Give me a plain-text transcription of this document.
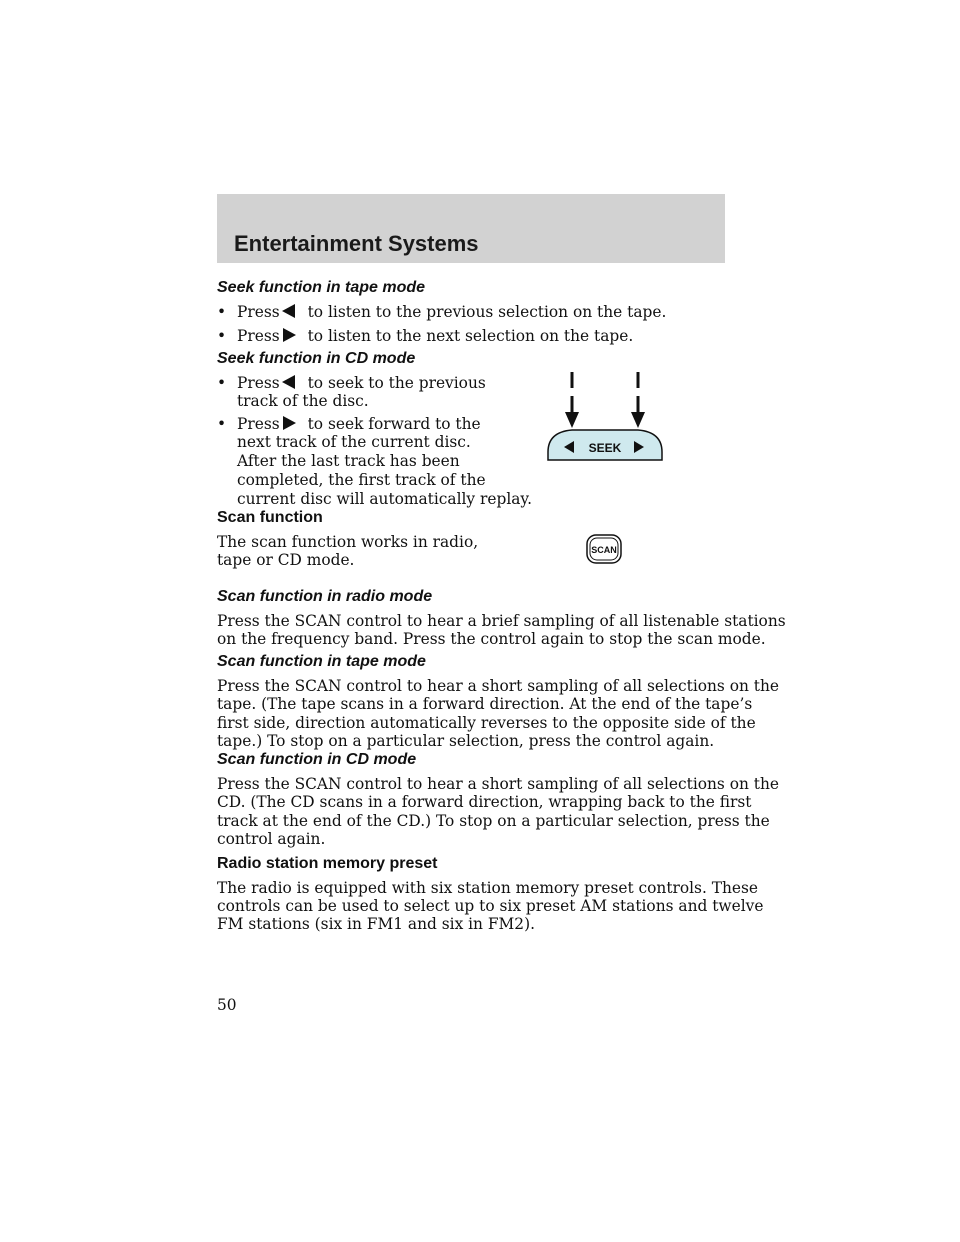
Entertainment Systems

Seek function in tape mode

• Press to listen to the previous selection on the tape.
• Press to listen to the next selection on the tape.

Seek function in CD mode

• Press to seek to the previous
track of the disc.
• Press to seek forward to the
next track of the current disc.
After the last track has been
completed, the first track of the
current disc will automatically replay.
SEEK

Scan function

The scan function works in radio,
tape or CD mode.
SCAN

Scan function in radio mode

Press the SCAN control to hear a brief sampling of all listenable stations
on the frequency band. Press the control again to stop the scan mode.

Scan function in tape mode

Press the SCAN control to hear a short sampling of all selections on the
tape. (The tape scans in a forward direction. At the end of the tape’s
first side, direction automatically reverses to the opposite side of the
tape.) To stop on a particular selection, press the control again.

Scan function in CD mode

Press the SCAN control to hear a short sampling of all selections on the
CD. (The CD scans in a forward direction, wrapping back to the first
track at the end of the CD.) To stop on a particular selection, press the
control again.

Radio station memory preset

The radio is equipped with six station memory preset controls. These
controls can be used to select up to six preset AM stations and twelve
FM stations (six in FM1 and six in FM2).
50
